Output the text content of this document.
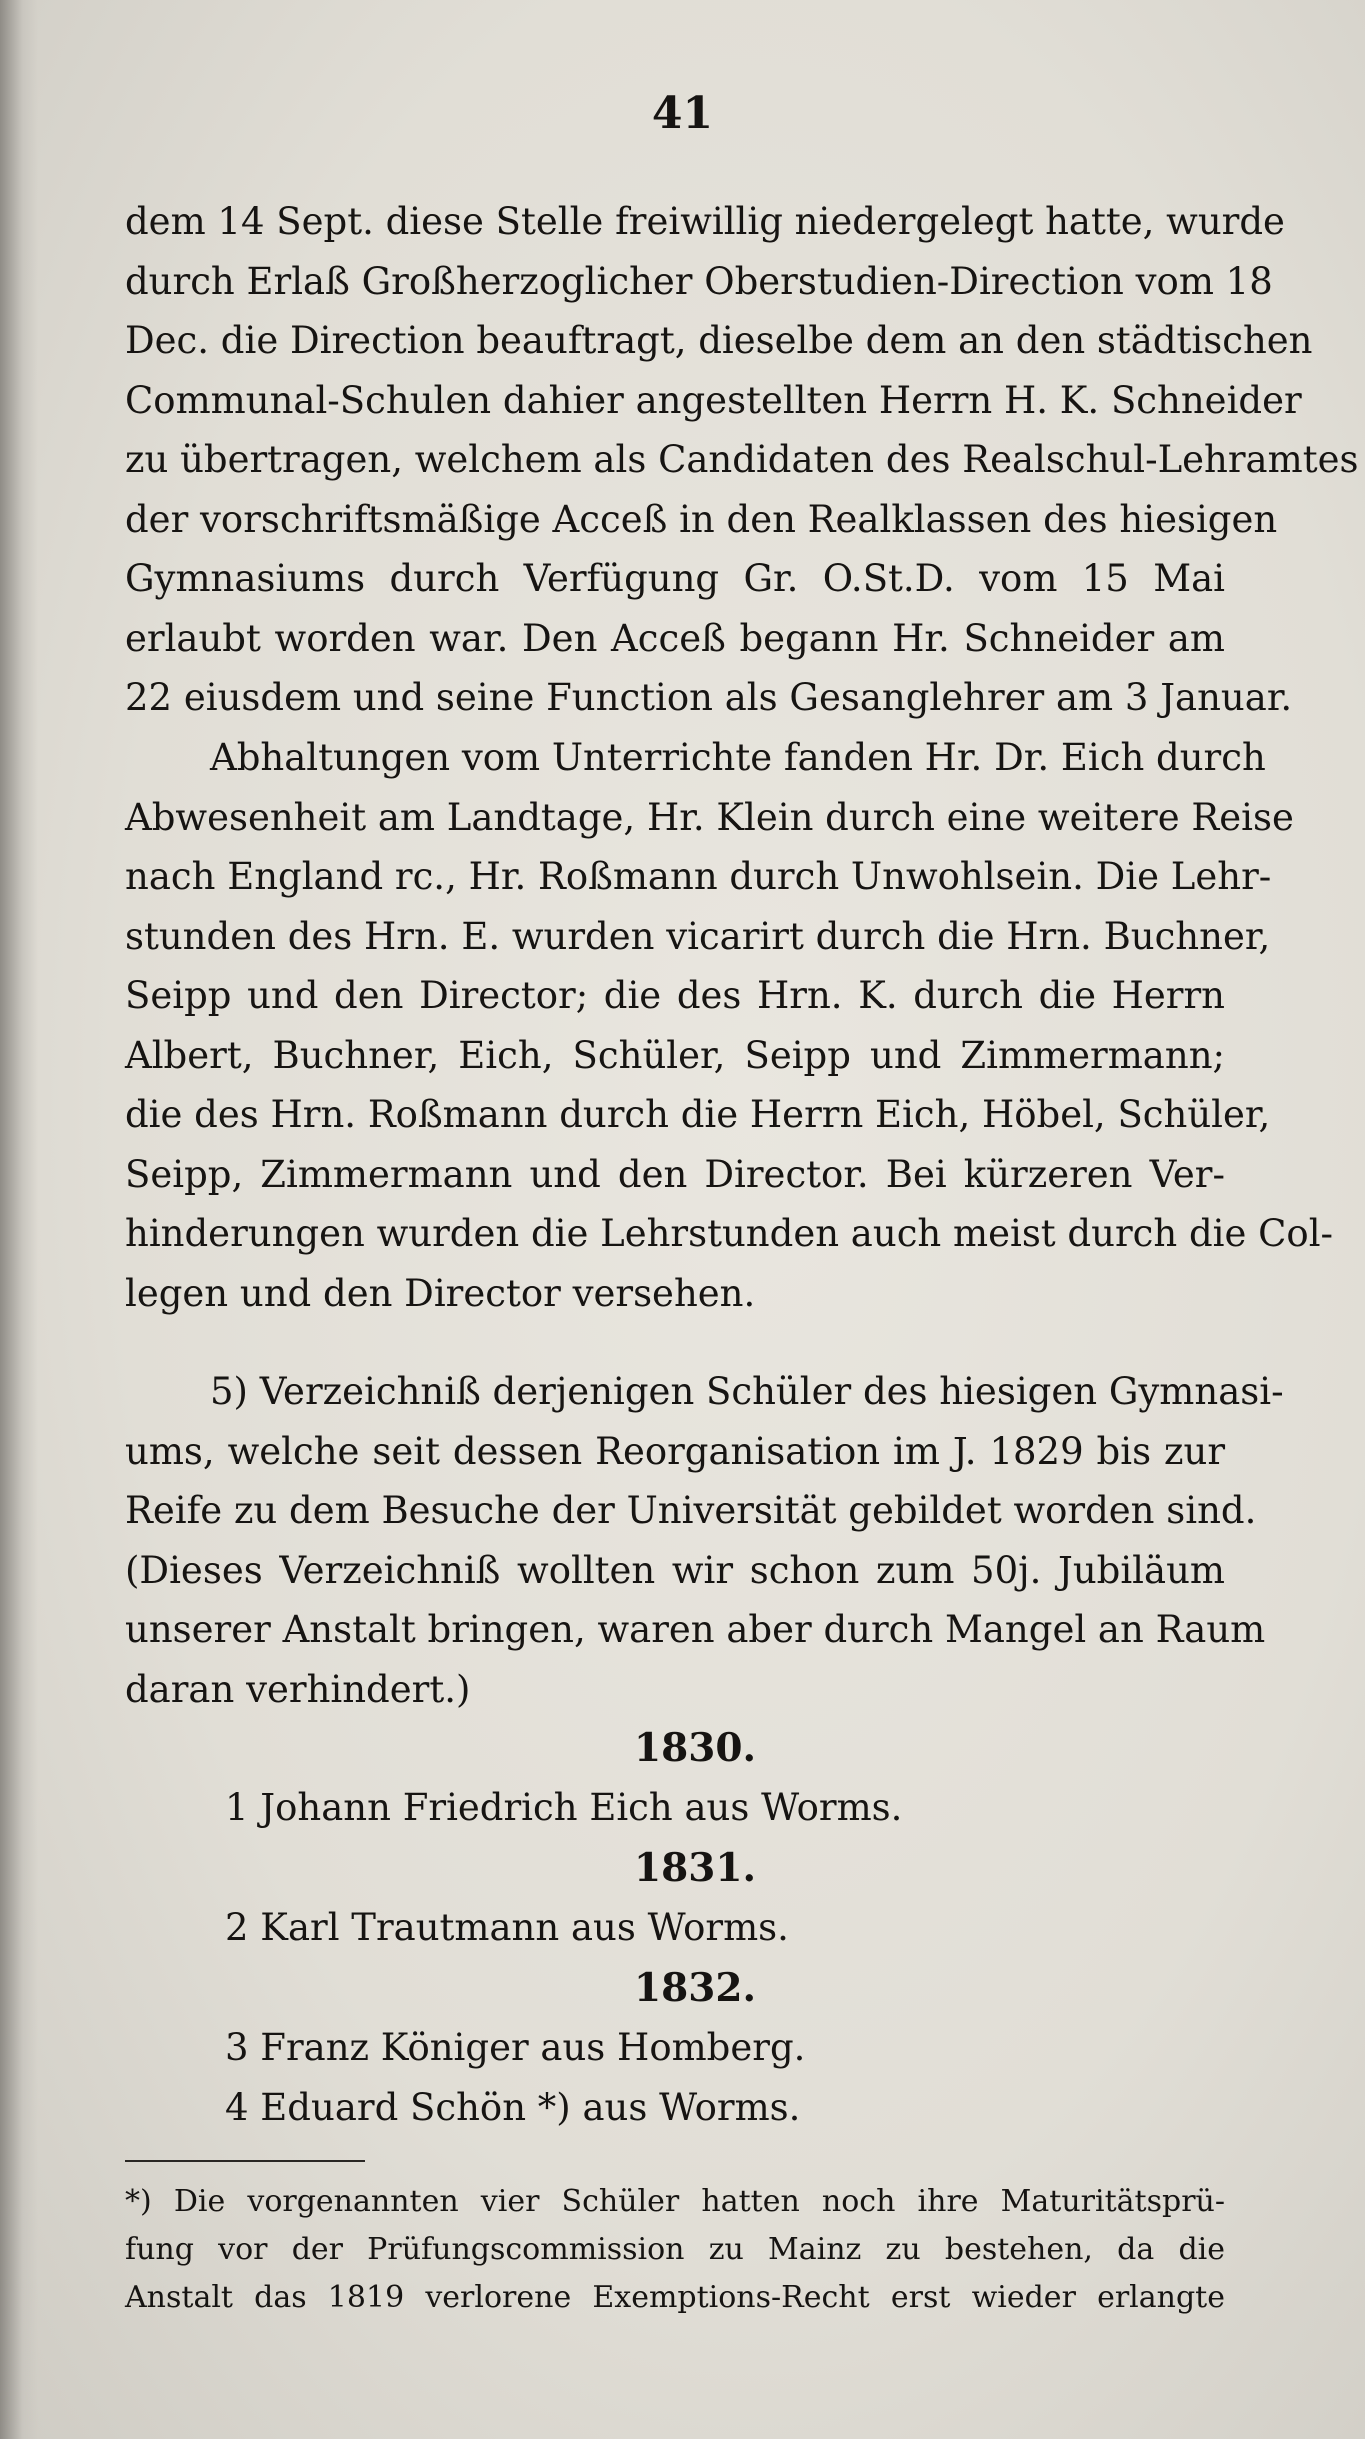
41
dem 14 Sept. diese Stelle freiwillig niedergelegt hatte, wurde
durch Erlaß Großherzoglicher Oberstudien-Direction vom 18
Dec. die Direction beauftragt, dieselbe dem an den städtischen
Communal-Schulen dahier angestellten Herrn H. K. Schneider
zu übertragen, welchem als Candidaten des Realschul-Lehramtes
der vorschriftsmäßige Acceß in den Realklassen des hiesigen
Gymnasiums durch Verfügung Gr. O.St.D. vom 15 Mai
erlaubt worden war. Den Acceß begann Hr. Schneider am
22 eiusdem und seine Function als Gesanglehrer am 3 Januar.
Abhaltungen vom Unterrichte fanden Hr. Dr. Eich durch
Abwesenheit am Landtage, Hr. Klein durch eine weitere Reise
nach England rc., Hr. Roßmann durch Unwohlsein. Die Lehr-
stunden des Hrn. E. wurden vicarirt durch die Hrn. Buchner,
Seipp und den Director; die des Hrn. K. durch die Herrn
Albert, Buchner, Eich, Schüler, Seipp und Zimmermann;
die des Hrn. Roßmann durch die Herrn Eich, Höbel, Schüler,
Seipp, Zimmermann und den Director. Bei kürzeren Ver-
hinderungen wurden die Lehrstunden auch meist durch die Col-
legen und den Director versehen.
5) Verzeichniß derjenigen Schüler des hiesigen Gymnasi-
ums, welche seit dessen Reorganisation im J. 1829 bis zur
Reife zu dem Besuche der Universität gebildet worden sind.
(Dieses Verzeichniß wollten wir schon zum 50j. Jubiläum
unserer Anstalt bringen, waren aber durch Mangel an Raum
daran verhindert.)
1830.
1 Johann Friedrich Eich aus Worms.
1831.
2 Karl Trautmann aus Worms.
1832.
3 Franz Königer aus Homberg.
4 Eduard Schön *) aus Worms.
*) Die vorgenannten vier Schüler hatten noch ihre Maturitätsprü-
fung vor der Prüfungscommission zu Mainz zu bestehen, da die
Anstalt das 1819 verlorene Exemptions-Recht erst wieder erlangte
